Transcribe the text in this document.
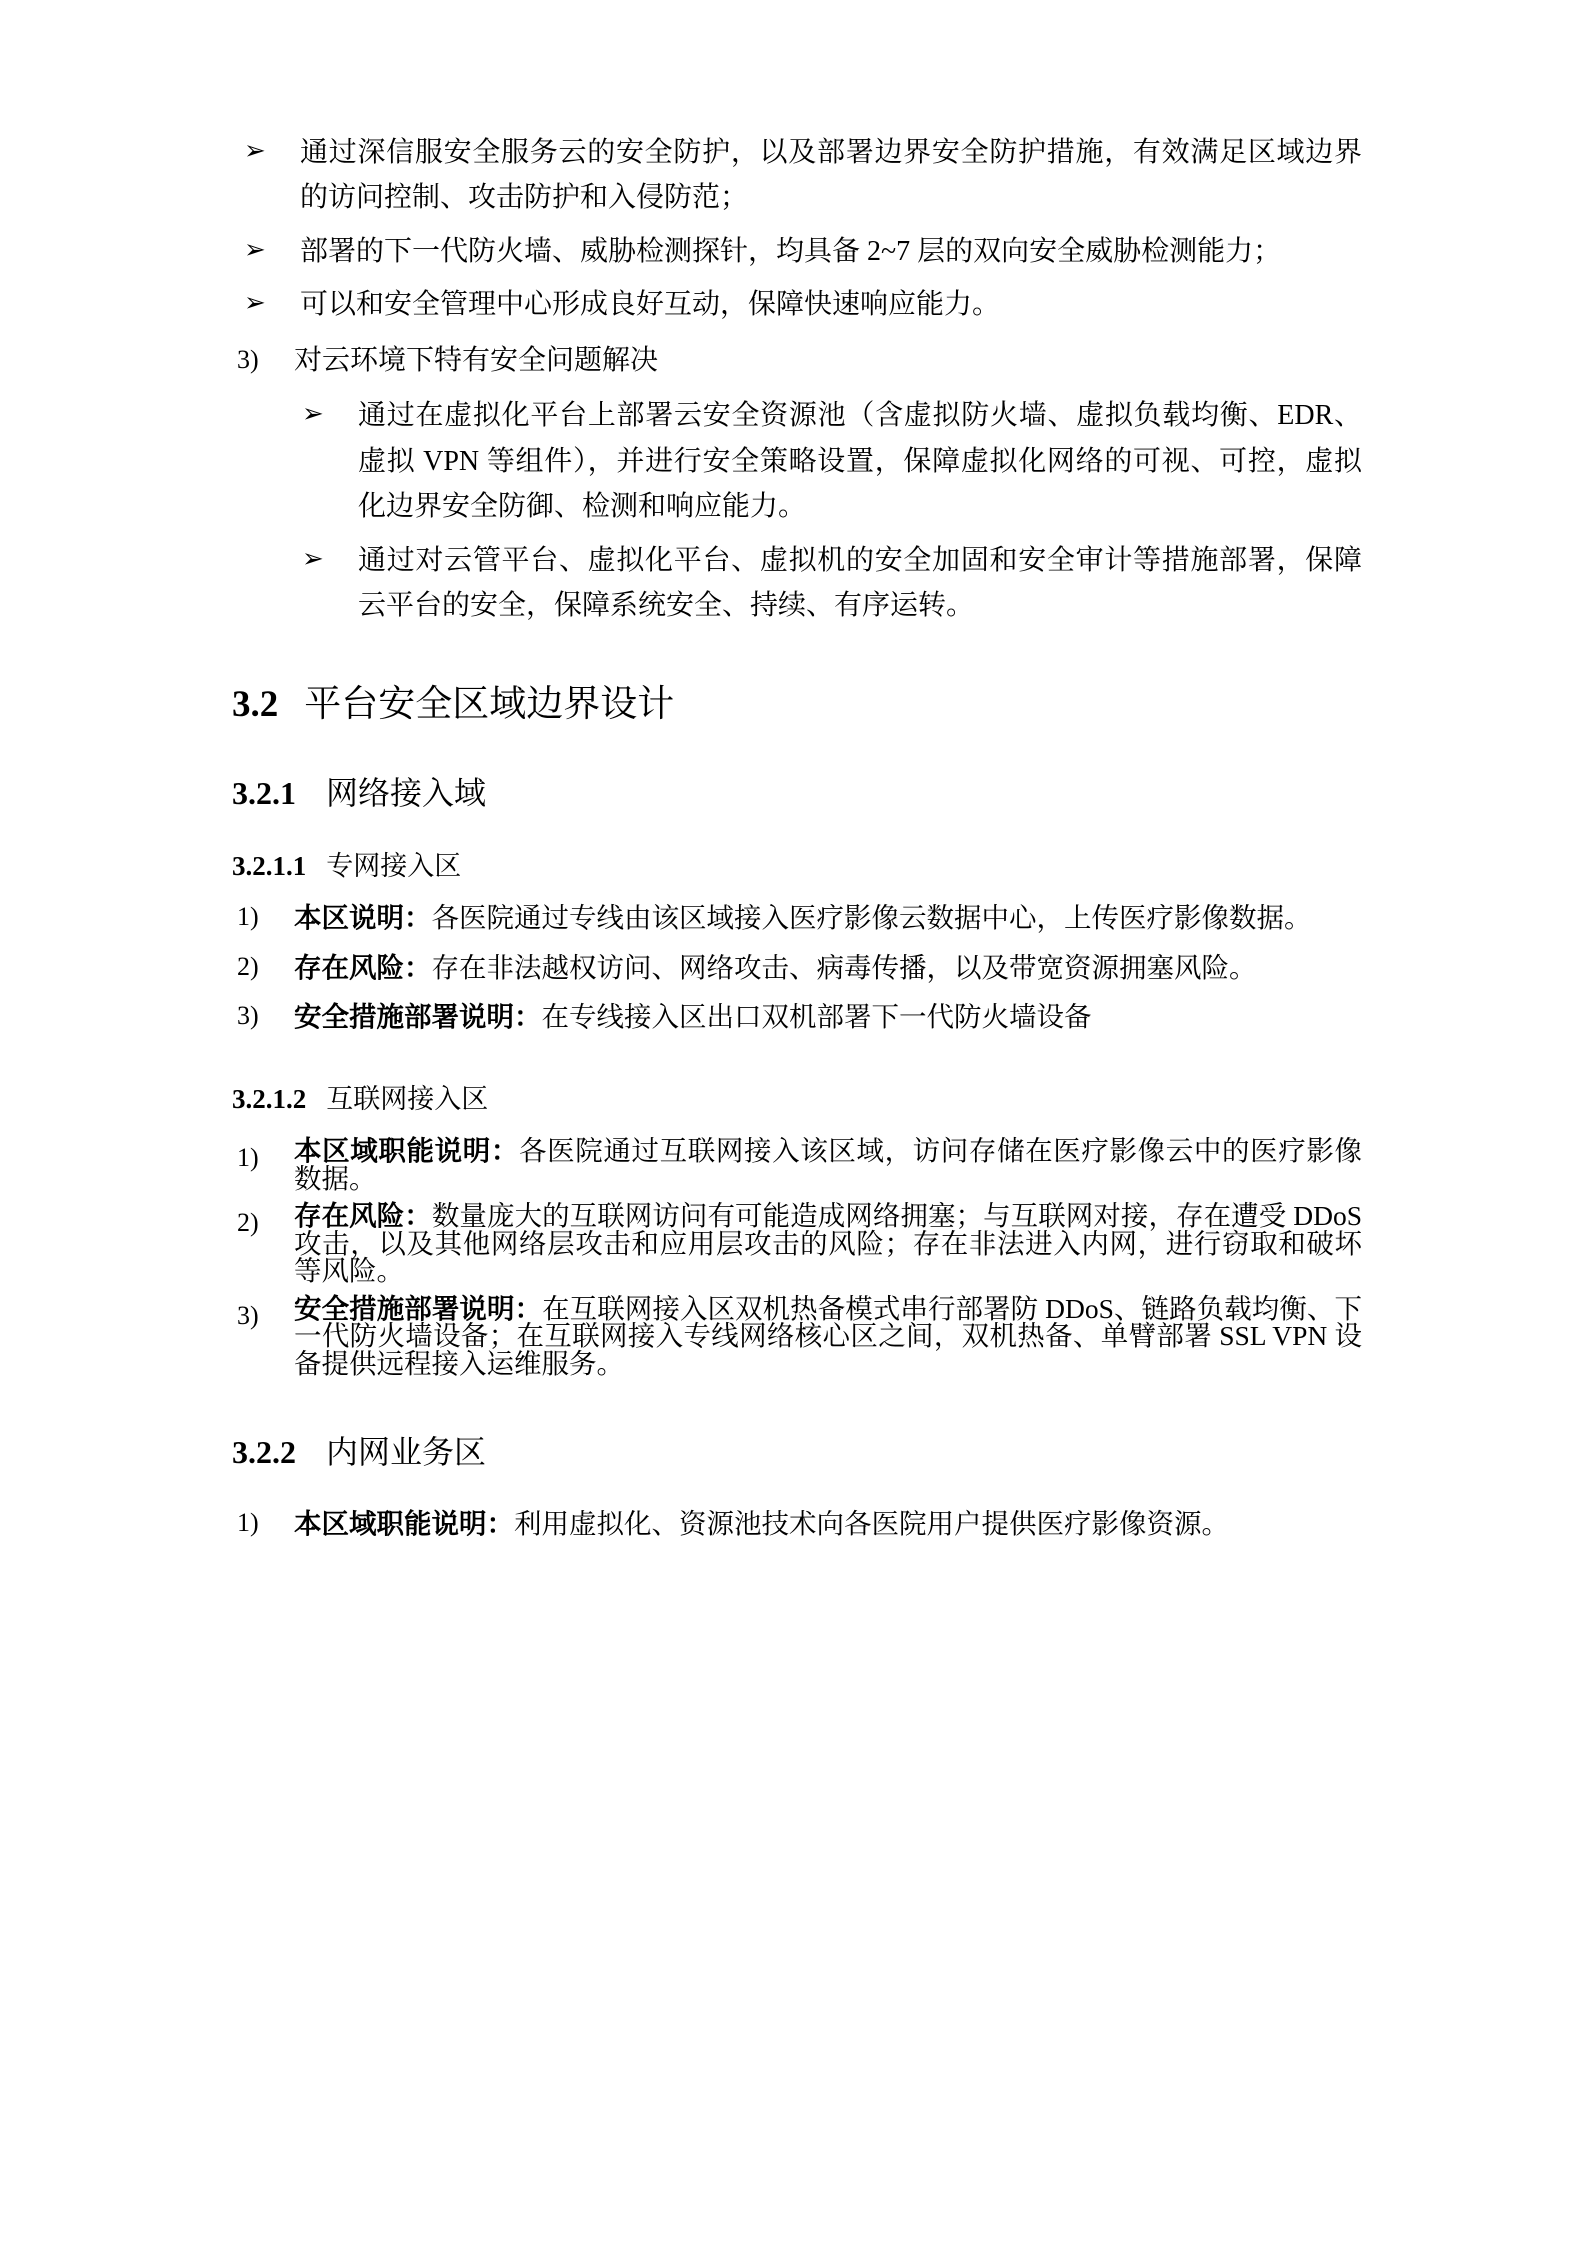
➢	通过深信服安全服务云的安全防护，以及部署边界安全防护措施，有效满足区域边界的访问控制、攻击防护和入侵防范；
➢	部署的下一代防火墙、威胁检测探针，均具备 2~7 层的双向安全威胁检测能力；
➢	可以和安全管理中心形成良好互动，保障快速响应能力。
3)	对云环境下特有安全问题解决
➢	通过在虚拟化平台上部署云安全资源池（含虚拟防火墙、虚拟负载均衡、EDR、虚拟 VPN 等组件），并进行安全策略设置，保障虚拟化网络的可视、可控，虚拟化边界安全防御、检测和响应能力。
➢	通过对云管平台、虚拟化平台、虚拟机的安全加固和安全审计等措施部署，保障云平台的安全，保障系统安全、持续、有序运转。
3.2 平台安全区域边界设计
3.2.1 网络接入域
3.2.1.1 专网接入区
1)	本区说明：各医院通过专线由该区域接入医疗影像云数据中心，上传医疗影像数据。
2)	存在风险：存在非法越权访问、网络攻击、病毒传播，以及带宽资源拥塞风险。
3)	安全措施部署说明：在专线接入区出口双机部署下一代防火墙设备
3.2.1.2 互联网接入区
1)	本区域职能说明：各医院通过互联网接入该区域，访问存储在医疗影像云中的医疗影像数据。
2)	存在风险：数量庞大的互联网访问有可能造成网络拥塞；与互联网对接，存在遭受 DDoS 攻击，以及其他网络层攻击和应用层攻击的风险；存在非法进入内网，进行窃取和破坏等风险。
3)	安全措施部署说明：在互联网接入区双机热备模式串行部署防 DDoS、链路负载均衡、下一代防火墙设备；在互联网接入专线网络核心区之间，双机热备、单臂部署 SSL VPN 设备提供远程接入运维服务。
3.2.2 内网业务区
1)	本区域职能说明：利用虚拟化、资源池技术向各医院用户提供医疗影像资源。
